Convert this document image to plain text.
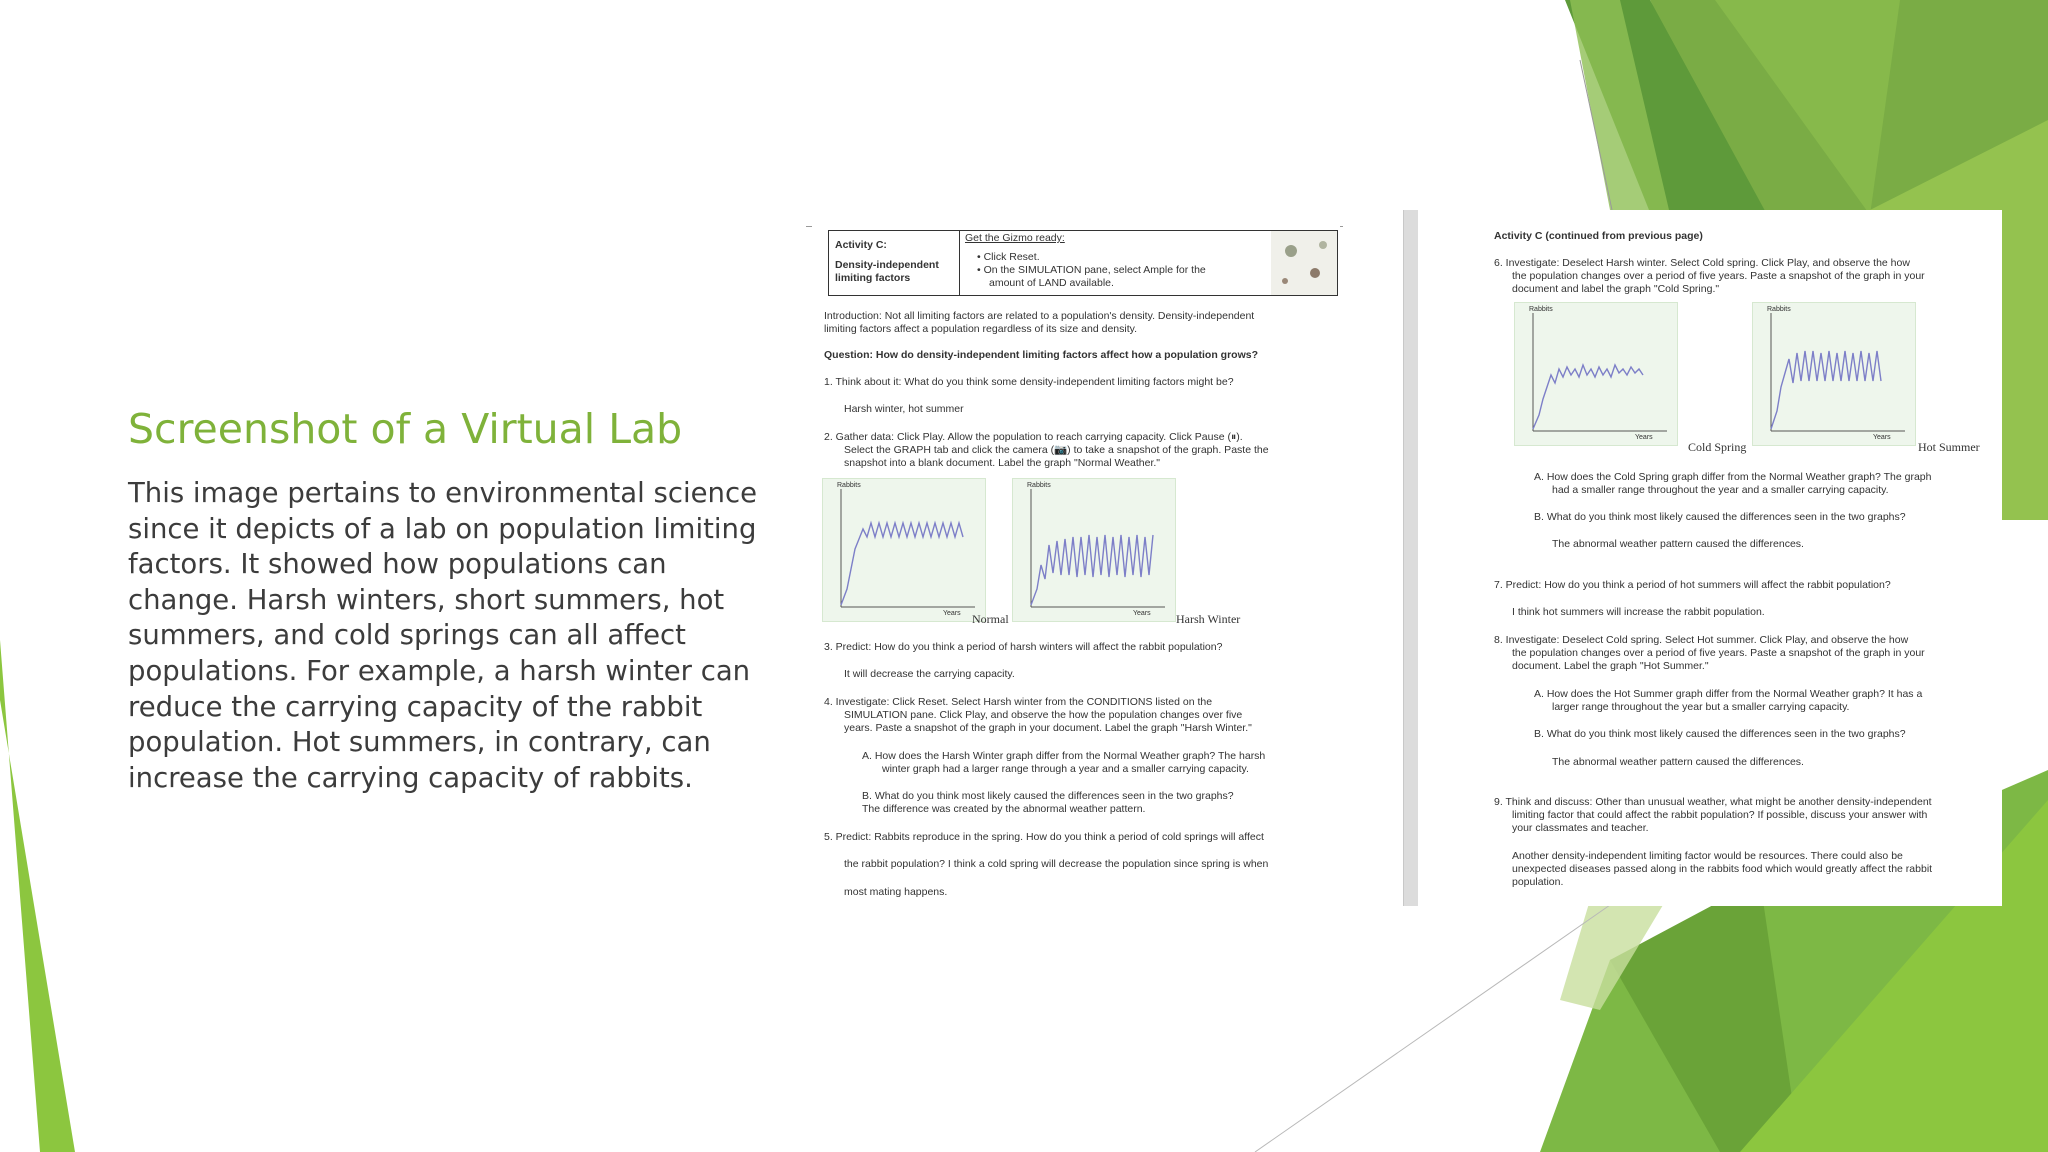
Screenshot of a Virtual Lab

This image pertains to environmental science since it depicts of a lab on population limiting factors. It showed how populations can change. Harsh winters, short summers, hot summers, and cold springs can all affect populations. For example, a harsh winter can reduce the carrying capacity of the rabbit population. Hot summers, in contrary, can increase the carrying capacity of rabbits.

Activity C:
Density-independent
limiting factors
Get the Gizmo ready:
• Click Reset.
• On the SIMULATION pane, select Ample for the
amount of LAND available.
Introduction: Not all limiting factors are related to a population's density. Density-independent
limiting factors affect a population regardless of its size and density.
Question: How do density-independent limiting factors affect how a population grows?
1. Think about it: What do you think some density-independent limiting factors might be?
Harsh winter, hot summer
2. Gather data: Click Play. Allow the population to reach carrying capacity. Click Pause (⏸).
Select the GRAPH tab and click the camera (📷) to take a snapshot of the graph. Paste the
snapshot into a blank document. Label the graph "Normal Weather."
Rabbits
Years Normal
Rabbits
Years Harsh Winter
3. Predict: How do you think a period of harsh winters will affect the rabbit population?
It will decrease the carrying capacity.
4. Investigate: Click Reset. Select Harsh winter from the CONDITIONS listed on the
SIMULATION pane. Click Play, and observe the how the population changes over five
years. Paste a snapshot of the graph in your document. Label the graph "Harsh Winter."
A. How does the Harsh Winter graph differ from the Normal Weather graph? The harsh
winter graph had a larger range through a year and a smaller carrying capacity.
B. What do you think most likely caused the differences seen in the two graphs?
The difference was created by the abnormal weather pattern.
5. Predict: Rabbits reproduce in the spring. How do you think a period of cold springs will affect
the rabbit population? I think a cold spring will decrease the population since spring is when
most mating happens.
Activity C (continued from previous page)
6. Investigate: Deselect Harsh winter. Select Cold spring. Click Play, and observe the how
the population changes over a period of five years. Paste a snapshot of the graph in your
document and label the graph "Cold Spring."
Rabbits
Years
Cold Spring
Rabbits
Years
Hot Summer
A. How does the Cold Spring graph differ from the Normal Weather graph? The graph
had a smaller range throughout the year and a smaller carrying capacity.
B. What do you think most likely caused the differences seen in the two graphs?
The abnormal weather pattern caused the differences.
7. Predict: How do you think a period of hot summers will affect the rabbit population?
I think hot summers will increase the rabbit population.
8. Investigate: Deselect Cold spring. Select Hot summer. Click Play, and observe the how
the population changes over a period of five years. Paste a snapshot of the graph in your
document. Label the graph "Hot Summer."
A. How does the Hot Summer graph differ from the Normal Weather graph? It has a
larger range throughout the year but a smaller carrying capacity.
B. What do you think most likely caused the differences seen in the two graphs?
The abnormal weather pattern caused the differences.
9. Think and discuss: Other than unusual weather, what might be another density-independent
limiting factor that could affect the rabbit population? If possible, discuss your answer with
your classmates and teacher.
Another density-independent limiting factor would be resources. There could also be
unexpected diseases passed along in the rabbits food which would greatly affect the rabbit
population.
